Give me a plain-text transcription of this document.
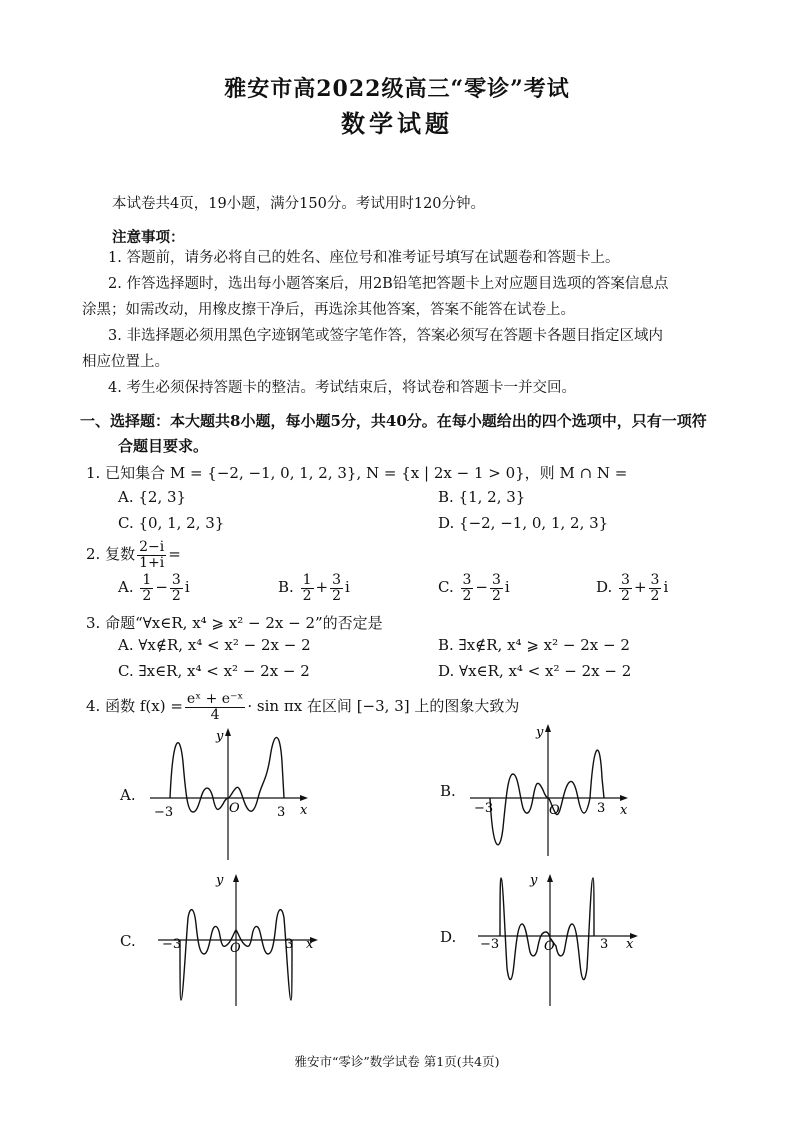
雅安市高2022级高三“零诊”考试
数学试题
本试卷共4页，19小题，满分150分。考试用时120分钟。
注意事项：
1. 答题前，请务必将自己的姓名、座位号和准考证号填写在试题卷和答题卡上。
2. 作答选择题时，选出每小题答案后，用2B铅笔把答题卡上对应题目选项的答案信息点
涂黑；如需改动，用橡皮擦干净后，再选涂其他答案，答案不能答在试卷上。
3. 非选择题必须用黑色字迹钢笔或签字笔作答，答案必须写在答题卡各题目指定区域内
相应位置上。
4. 考生必须保持答题卡的整洁。考试结束后，将试卷和答题卡一并交回。
一、选择题：本大题共8小题，每小题5分，共40分。在每小题给出的四个选项中，只有一项符
合题目要求。
1. 已知集合 M = {−2, −1, 0, 1, 2, 3}, N = {x | 2x − 1 > 0}，则 M ∩ N =
A. {2, 3}	B. {1, 2, 3}
C. {0, 1, 2, 3}	D. {−2, −1, 0, 1, 2, 3}
2. 复数 $\frac{2-i}{1+i}$ =
A. $\frac{1}{2} - \frac{3}{2}$ i	B. $\frac{1}{2} + \frac{3}{2}$ i	C. $\frac{3}{2} - \frac{3}{2}$ i	D. $\frac{3}{2} + \frac{3}{2}$ i
3. 命题“∀x∈R, x⁴ ⩾ x² − 2x − 2”的否定是
A. ∀x∉R, x⁴ < x² − 2x − 2	B. ∃x∉R, x⁴ ⩾ x² − 2x − 2
C. ∃x∈R, x⁴ < x² − 2x − 2	D. ∀x∈R, x⁴ < x² − 2x − 2
4. 函数 $f(x) = \frac{\text{eˣ + e⁻ˣ}}{4} \cdot \sin \pi x$ 在区间 [−3, 3] 上的图象大致为
A.	B.
C.	D.
−3	3
y
x
O	−3	3
y
x
O
−3	3
y
x
O	−3	3
y
x
O
雅安市“零诊”数学试卷 第1页(共4页)
